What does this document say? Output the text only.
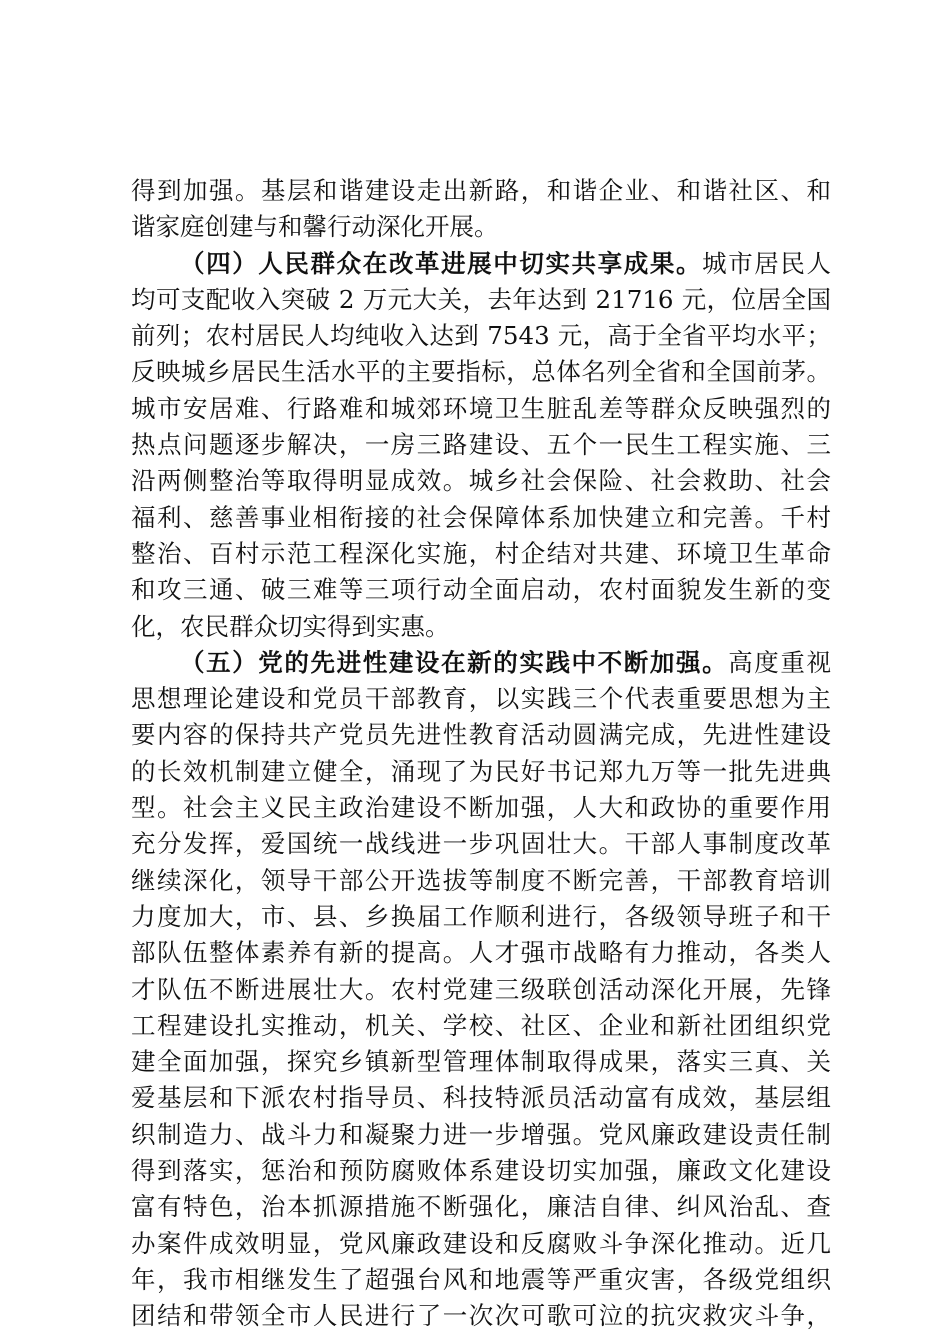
得到加强。基层和谐建设走出新路，和谐企业、和谐社区、和
谐家庭创建与和馨行动深化开展。
（四）人民群众在改革进展中切实共享成果。城市居民人
均可支配收入突破 2 万元大关，去年达到 21716 元，位居全国
前列；农村居民人均纯收入达到 7543 元，高于全省平均水平；
反映城乡居民生活水平的主要指标，总体名列全省和全国前茅。
城市安居难、行路难和城郊环境卫生脏乱差等群众反映强烈的
热点问题逐步解决，一房三路建设、五个一民生工程实施、三
沿两侧整治等取得明显成效。城乡社会保险、社会救助、社会
福利、慈善事业相衔接的社会保障体系加快建立和完善。千村
整治、百村示范工程深化实施，村企结对共建、环境卫生革命
和攻三通、破三难等三项行动全面启动，农村面貌发生新的变
化，农民群众切实得到实惠。
（五）党的先进性建设在新的实践中不断加强。高度重视
思想理论建设和党员干部教育，以实践三个代表重要思想为主
要内容的保持共产党员先进性教育活动圆满完成，先进性建设
的长效机制建立健全，涌现了为民好书记郑九万等一批先进典
型。社会主义民主政治建设不断加强，人大和政协的重要作用
充分发挥，爱国统一战线进一步巩固壮大。干部人事制度改革
继续深化，领导干部公开选拔等制度不断完善，干部教育培训
力度加大，市、县、乡换届工作顺利进行，各级领导班子和干
部队伍整体素养有新的提高。人才强市战略有力推动，各类人
才队伍不断进展壮大。农村党建三级联创活动深化开展，先锋
工程建设扎实推动，机关、学校、社区、企业和新社团组织党
建全面加强，探究乡镇新型管理体制取得成果，落实三真、关
爱基层和下派农村指导员、科技特派员活动富有成效，基层组
织制造力、战斗力和凝聚力进一步增强。党风廉政建设责任制
得到落实，惩治和预防腐败体系建设切实加强，廉政文化建设
富有特色，治本抓源措施不断强化，廉洁自律、纠风治乱、查
办案件成效明显，党风廉政建设和反腐败斗争深化推动。近几
年，我市相继发生了超强台风和地震等严重灾害，各级党组织
团结和带领全市人民进行了一次次可歌可泣的抗灾救灾斗争，
